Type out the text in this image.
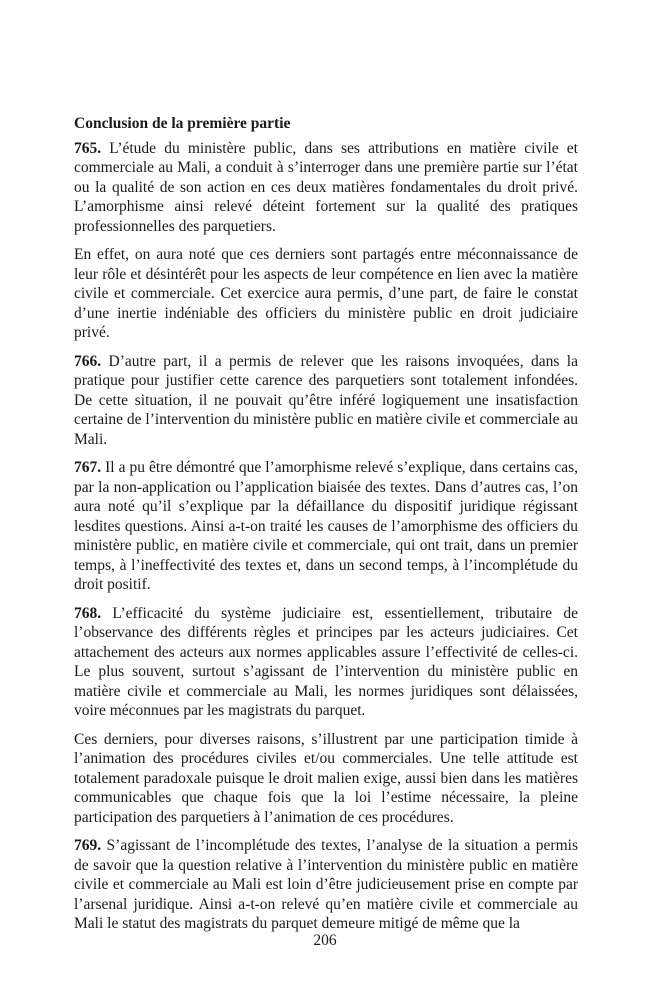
Conclusion de la première partie

765. L’étude du ministère public, dans ses attributions en matière civile et commerciale au Mali, a conduit à s’interroger dans une première partie sur l’état ou la qualité de son action en ces deux matières fondamentales du droit privé. L’amorphisme ainsi relevé déteint fortement sur la qualité des pratiques professionnelles des parquetiers.

En effet, on aura noté que ces derniers sont partagés entre méconnaissance de leur rôle et désintérêt pour les aspects de leur compétence en lien avec la matière civile et commerciale. Cet exercice aura permis, d’une part, de faire le constat d’une inertie indéniable des officiers du ministère public en droit judiciaire privé.

766. D’autre part, il a permis de relever que les raisons invoquées, dans la pratique pour justifier cette carence des parquetiers sont totalement infondées. De cette situation, il ne pouvait qu’être inféré logiquement une insatisfaction certaine de l’intervention du ministère public en matière civile et commerciale au Mali.

767. Il a pu être démontré que l’amorphisme relevé s’explique, dans certains cas, par la non-application ou l’application biaisée des textes. Dans d’autres cas, l’on aura noté qu’il s’explique par la défaillance du dispositif juridique régissant lesdites questions. Ainsi a-t-on traité les causes de l’amorphisme des officiers du ministère public, en matière civile et commerciale, qui ont trait, dans un premier temps, à l’ineffectivité des textes et, dans un second temps, à l’incomplétude du droit positif.

768. L’efficacité du système judiciaire est, essentiellement, tributaire de l’observance des différents règles et principes par les acteurs judiciaires. Cet attachement des acteurs aux normes applicables assure l’effectivité de celles-ci. Le plus souvent, surtout s’agissant de l’intervention du ministère public en matière civile et commerciale au Mali, les normes juridiques sont délaissées, voire méconnues par les magistrats du parquet.

Ces derniers, pour diverses raisons, s’illustrent par une participation timide à l’animation des procédures civiles et/ou commerciales. Une telle attitude est totalement paradoxale puisque le droit malien exige, aussi bien dans les matières communicables que chaque fois que la loi l’estime nécessaire, la pleine participation des parquetiers à l’animation de ces procédures.

769. S’agissant de l’incomplétude des textes, l’analyse de la situation a permis de savoir que la question relative à l’intervention du ministère public en matière civile et commerciale au Mali est loin d’être judicieusement prise en compte par l’arsenal juridique. Ainsi a-t-on relevé qu’en matière civile et commerciale au Mali le statut des magistrats du parquet demeure mitigé de même que la

206
